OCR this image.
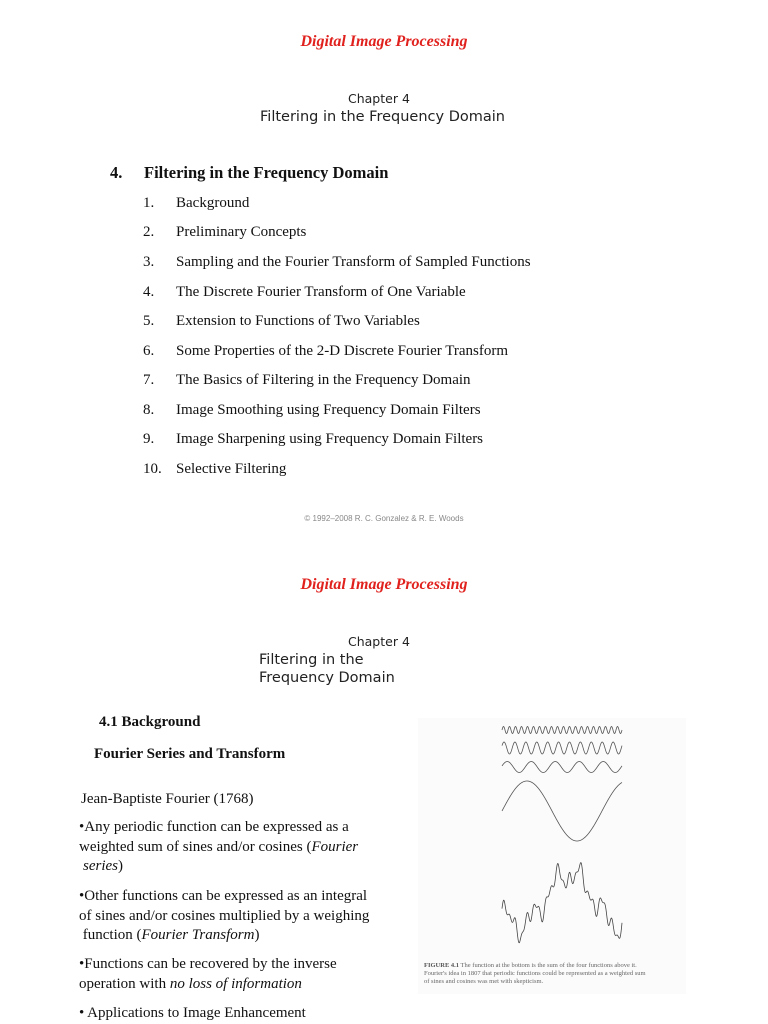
Digital Image Processing
Chapter 4
Filtering in the Frequency Domain
4. Filtering in the Frequency Domain
1. Background
2. Preliminary Concepts
3. Sampling and the Fourier Transform of Sampled Functions
4. The Discrete Fourier Transform of One Variable
5. Extension to Functions of Two Variables
6. Some Properties of the 2-D Discrete Fourier Transform
7. The Basics of Filtering in the Frequency Domain
8. Image Smoothing using Frequency Domain Filters
9. Image Sharpening using Frequency Domain Filters
10. Selective Filtering
© 1992–2008 R. C. Gonzalez & R. E. Woods
Digital Image Processing
Chapter 4
Filtering in the
Frequency Domain
4.1 Background
Fourier Series and Transform
Jean-Baptiste Fourier (1768)
•Any periodic function can be expressed as a
weighted sum of sines and/or cosines (Fourier
series)
•Other functions can be expressed as an integral
of sines and/or cosines multiplied by a weighing
function (Fourier Transform)
•Functions can be recovered by the inverse
operation with no loss of information
• Applications to Image Enhancement
FIGURE 4.1 The function at the bottom is the sum of the four functions above it.
Fourier's idea in 1807 that periodic functions could be represented as a weighted sum
of sines and cosines was met with skepticism.
